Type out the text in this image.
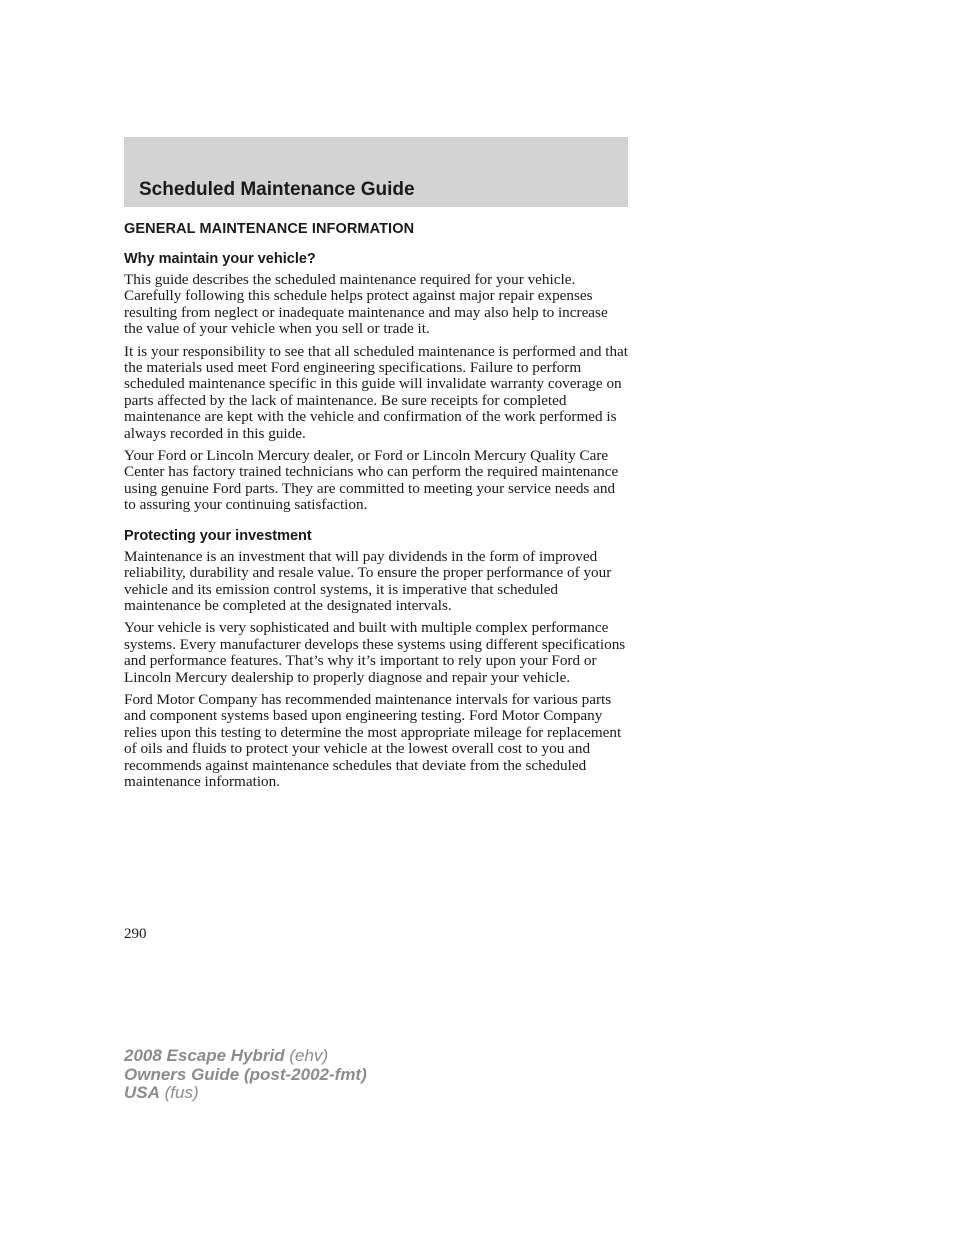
Scheduled Maintenance Guide
GENERAL MAINTENANCE INFORMATION
Why maintain your vehicle?

This guide describes the scheduled maintenance required for your vehicle. Carefully following this schedule helps protect against major repair expenses resulting from neglect or inadequate maintenance and may also help to increase the value of your vehicle when you sell or trade it.

It is your responsibility to see that all scheduled maintenance is performed and that the materials used meet Ford engineering specifications. Failure to perform scheduled maintenance specific in this guide will invalidate warranty coverage on parts affected by the lack of maintenance. Be sure receipts for completed maintenance are kept with the vehicle and confirmation of the work performed is always recorded in this guide.

Your Ford or Lincoln Mercury dealer, or Ford or Lincoln Mercury Quality Care Center has factory trained technicians who can perform the required maintenance using genuine Ford parts. They are committed to meeting your service needs and to assuring your continuing satisfaction.

Protecting your investment

Maintenance is an investment that will pay dividends in the form of improved reliability, durability and resale value. To ensure the proper performance of your vehicle and its emission control systems, it is imperative that scheduled maintenance be completed at the designated intervals.

Your vehicle is very sophisticated and built with multiple complex performance systems. Every manufacturer develops these systems using different specifications and performance features. That’s why it’s important to rely upon your Ford or Lincoln Mercury dealership to properly diagnose and repair your vehicle.

Ford Motor Company has recommended maintenance intervals for various parts and component systems based upon engineering testing. Ford Motor Company relies upon this testing to determine the most appropriate mileage for replacement of oils and fluids to protect your vehicle at the lowest overall cost to you and recommends against maintenance schedules that deviate from the scheduled maintenance information.

290
2008 Escape Hybrid (ehv)
Owners Guide (post-2002-fmt)
USA (fus)
